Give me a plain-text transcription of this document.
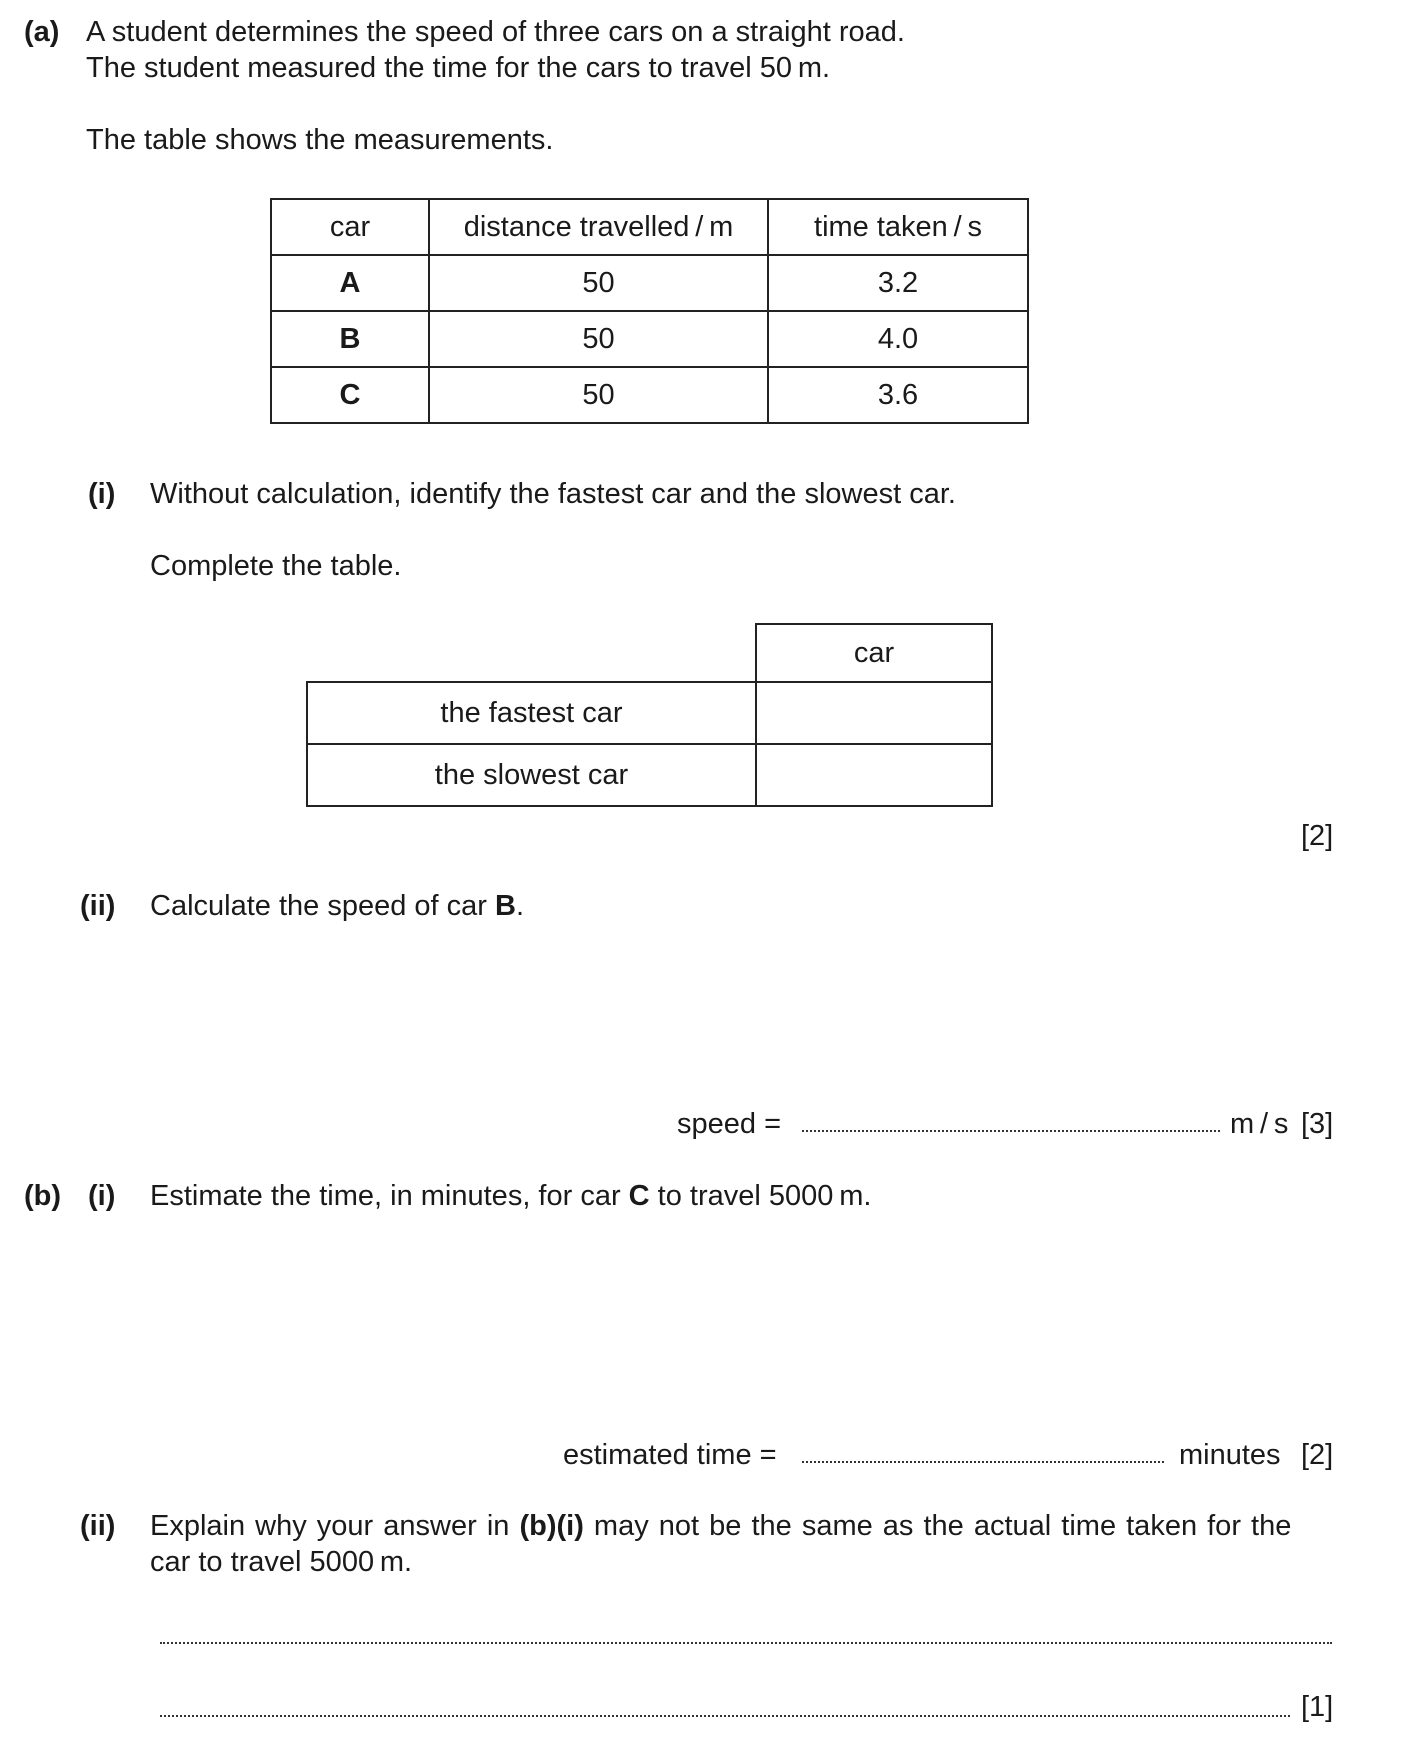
(a) A student determines the speed of three cars on a straight road.
The student measured the time for the cars to travel 50 m.
The table shows the measurements.
car	distance travelled / m	time taken / s
A	50	3.2
B	50	4.0
C	50	3.6
(i) Without calculation, identify the fastest car and the slowest car.
Complete the table.
	car
the fastest car	
the slowest car	
[2]
(ii) Calculate the speed of car B.
speed =	m / s [3]
(b) (i) Estimate the time, in minutes, for car C to travel 5000 m.
estimated time =	minutes [2]
(ii) Explain why your answer in (b)(i) may not be the same as the actual time taken for the
car to travel 5000 m.
[1]
